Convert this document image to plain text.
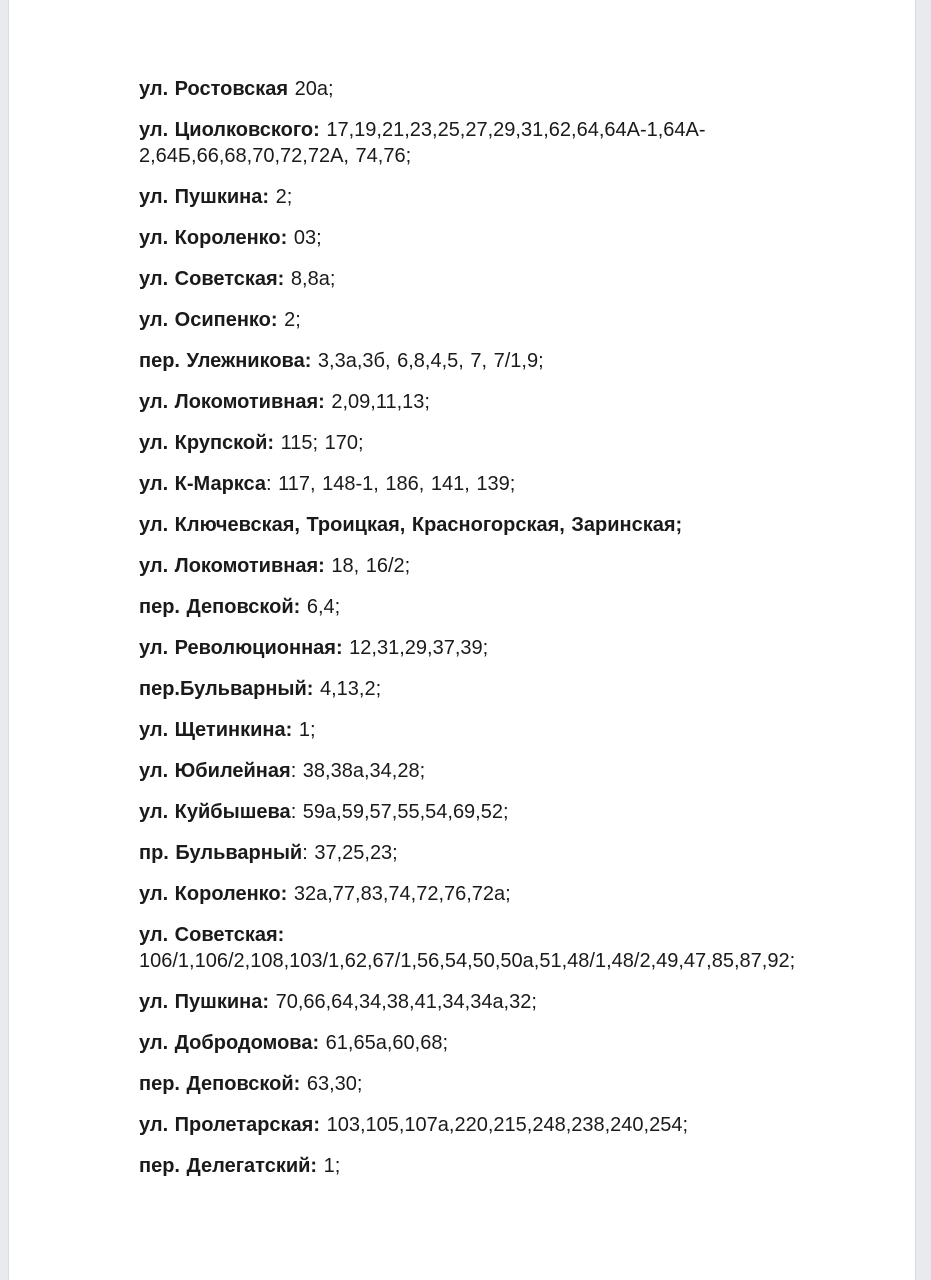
ул. Ростовская 20а;

ул. Циолковского: 17,19,21,23,25,27,29,31,62,64,64А-1,64А-
2,64Б,66,68,70,72,72А, 74,76;

ул. Пушкина: 2;

ул. Короленко: 03;

ул. Советская: 8,8а;

ул. Осипенко: 2;

пер. Улежникова: 3,3а,3б, 6,8,4,5, 7, 7/1,9;

ул. Локомотивная: 2,09,11,13;

ул. Крупской: 115; 170;

ул. К-Маркса: 117, 148-1, 186, 141, 139;

ул. Ключевская, Троицкая, Красногорская, Заринская;

ул. Локомотивная: 18, 16/2;

пер. Деповской: 6,4;

ул. Революционная: 12,31,29,37,39;

пер.Бульварный: 4,13,2;

ул. Щетинкина: 1;

ул. Юбилейная: 38,38а,34,28;

ул. Куйбышева: 59а,59,57,55,54,69,52;

пр. Бульварный: 37,25,23;

ул. Короленко: 32а,77,83,74,72,76,72а;

ул. Советская:
106/1,106/2,108,103/1,62,67/1,56,54,50,50а,51,48/1,48/2,49,47,85,87,92;

ул. Пушкина: 70,66,64,34,38,41,34,34а,32;

ул. Добродомова: 61,65а,60,68;

пер. Деповской: 63,30;

ул. Пролетарская: 103,105,107а,220,215,248,238,240,254;

пер. Делегатский: 1;
